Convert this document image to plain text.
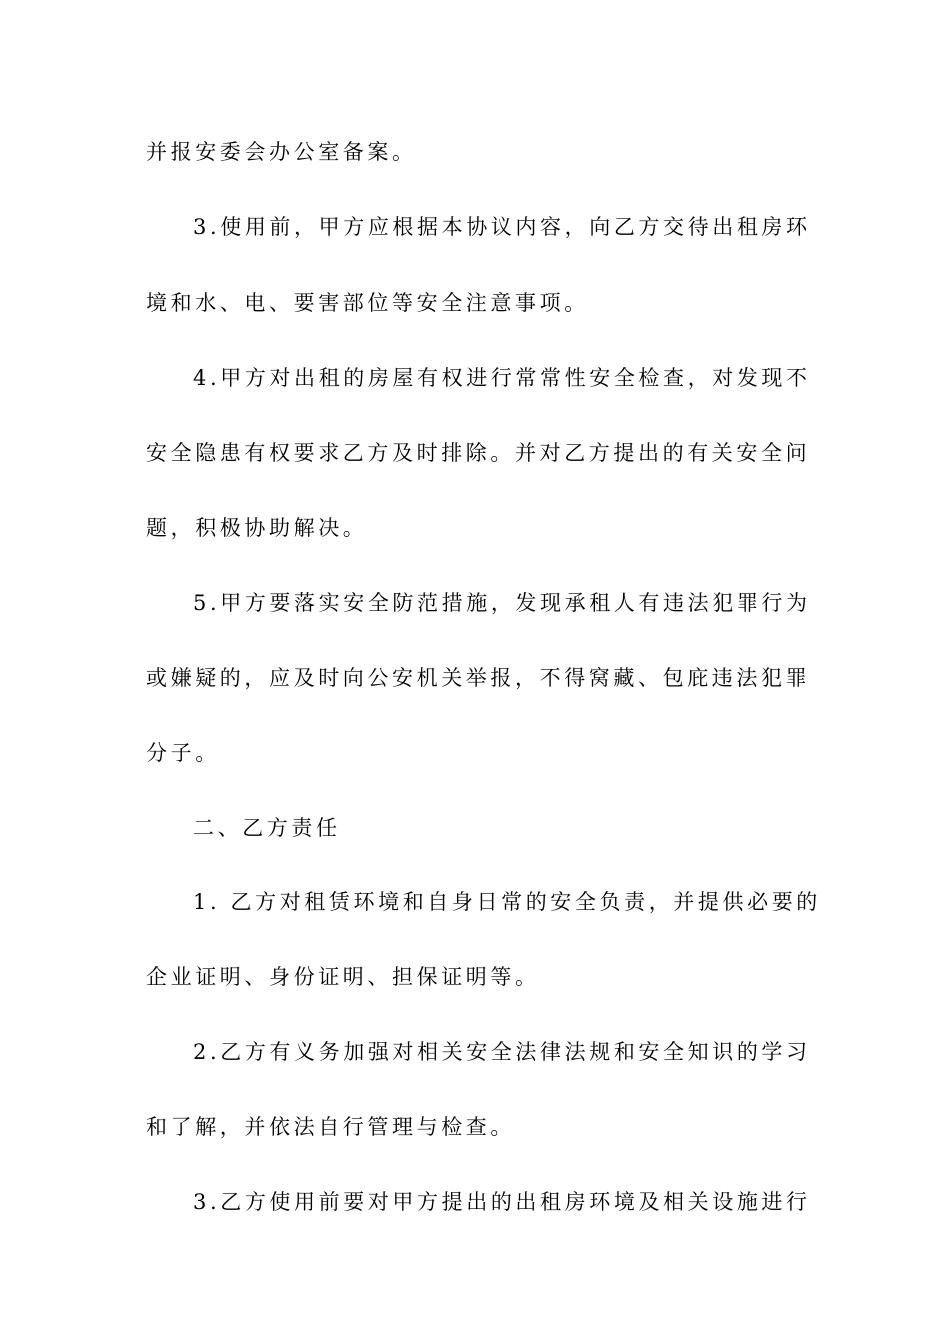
并报安委会办公室备案。
3.使用前，甲方应根据本协议内容，向乙方交待出租房环
境和水、电、要害部位等安全注意事项。
4.甲方对出租的房屋有权进行常常性安全检查，对发现不
安全隐患有权要求乙方及时排除。并对乙方提出的有关安全问
题，积极协助解决。
5.甲方要落实安全防范措施，发现承租人有违法犯罪行为
或嫌疑的，应及时向公安机关举报，不得窝藏、包庇违法犯罪
分子。
二、乙方责任
1. 乙方对租赁环境和自身日常的安全负责，并提供必要的
企业证明、身份证明、担保证明等。
2.乙方有义务加强对相关安全法律法规和安全知识的学习
和了解，并依法自行管理与检查。
3.乙方使用前要对甲方提出的出租房环境及相关设施进行
